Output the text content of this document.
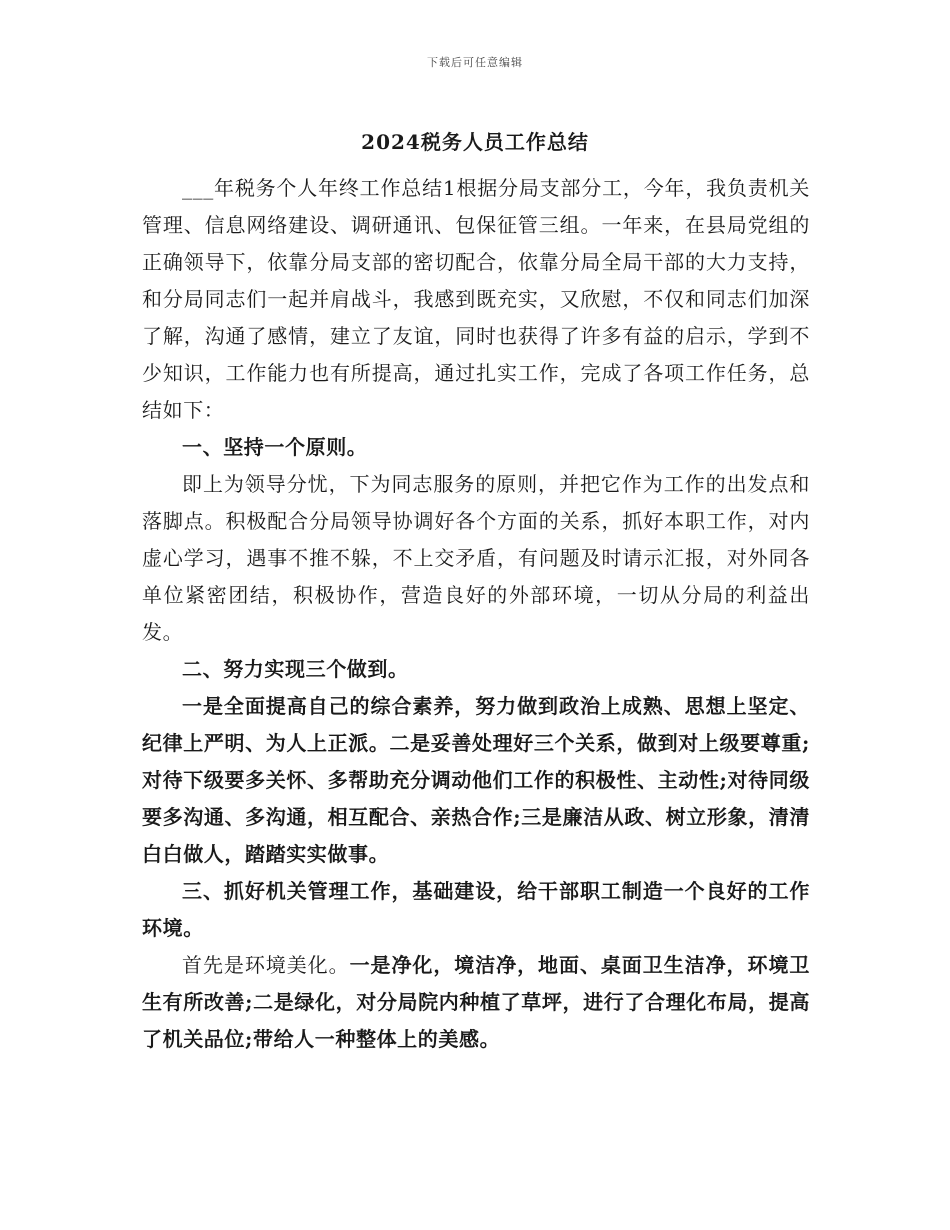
下载后可任意编辑
2024税务人员工作总结

___年税务个人年终工作总结1根据分局支部分工，今年，我负责机关管理、信息网络建设、调研通讯、包保征管三组。一年来，在县局党组的正确领导下，依靠分局支部的密切配合，依靠分局全局干部的大力支持，和分局同志们一起并肩战斗，我感到既充实，又欣慰，不仅和同志们加深了解，沟通了感情，建立了友谊，同时也获得了许多有益的启示，学到不少知识，工作能力也有所提高，通过扎实工作，完成了各项工作任务，总结如下：

一、坚持一个原则。

即上为领导分忧，下为同志服务的原则，并把它作为工作的出发点和落脚点。积极配合分局领导协调好各个方面的关系，抓好本职工作，对内虚心学习，遇事不推不躲，不上交矛盾，有问题及时请示汇报，对外同各单位紧密团结，积极协作，营造良好的外部环境，一切从分局的利益出发。

二、努力实现三个做到。

一是全面提高自己的综合素养，努力做到政治上成熟、思想上坚定、纪律上严明、为人上正派。二是妥善处理好三个关系，做到对上级要尊重;对待下级要多关怀、多帮助充分调动他们工作的积极性、主动性;对待同级要多沟通、多沟通，相互配合、亲热合作;三是廉洁从政、树立形象，清清白白做人，踏踏实实做事。

三、抓好机关管理工作，基础建设，给干部职工制造一个良好的工作环境。

首先是环境美化。一是净化，境洁净，地面、桌面卫生洁净，环境卫生有所改善;二是绿化，对分局院内种植了草坪，进行了合理化布局，提高了机关品位;带给人一种整体上的美感。
